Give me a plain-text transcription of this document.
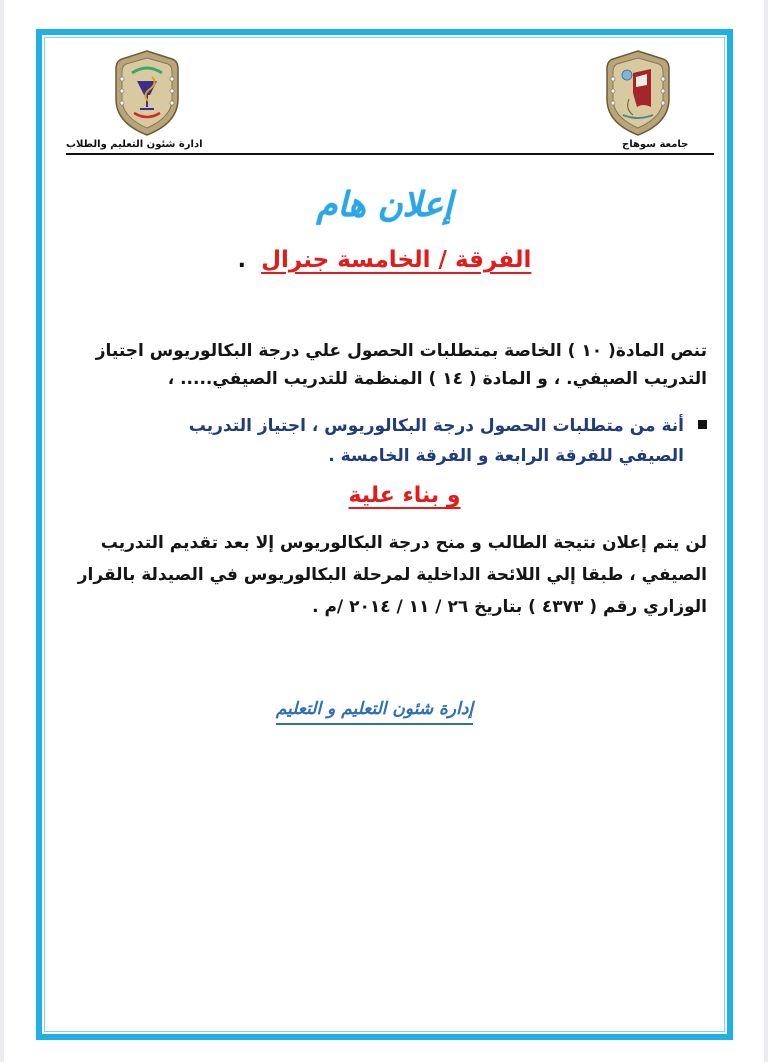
ادارة شئون التعليم والطلاب	جامعة سوهاج
إعلان هام
الفرقة / الخامسة جنرال .
تنص المادة( ١٠ ) الخاصة بمتطلبات الحصول علي درجة البكالوريوس اجتياز التدريب الصيفي. ، و المادة ( ١٤ ) المنظمة للتدريب الصيفي..... ،
أنة من متطلبات الحصول درجة البكالوريوس ، اجتياز التدريب
الصيفي للفرقة الرابعة و الفرقة الخامسة .
و بناء علية
لن يتم إعلان نتيجة الطالب و منح درجة البكالوريوس إلا بعد تقديم التدريب الصيفي ، طبقا إلي اللائحة الداخلية لمرحلة البكالوريوس في الصيدلة بالقرار الوزاري رقم ( ٤٣٧٣ ) بتاريخ ٢٦ / ١١ / ٢٠١٤ /م .
إدارة شئون التعليم و التعليم
